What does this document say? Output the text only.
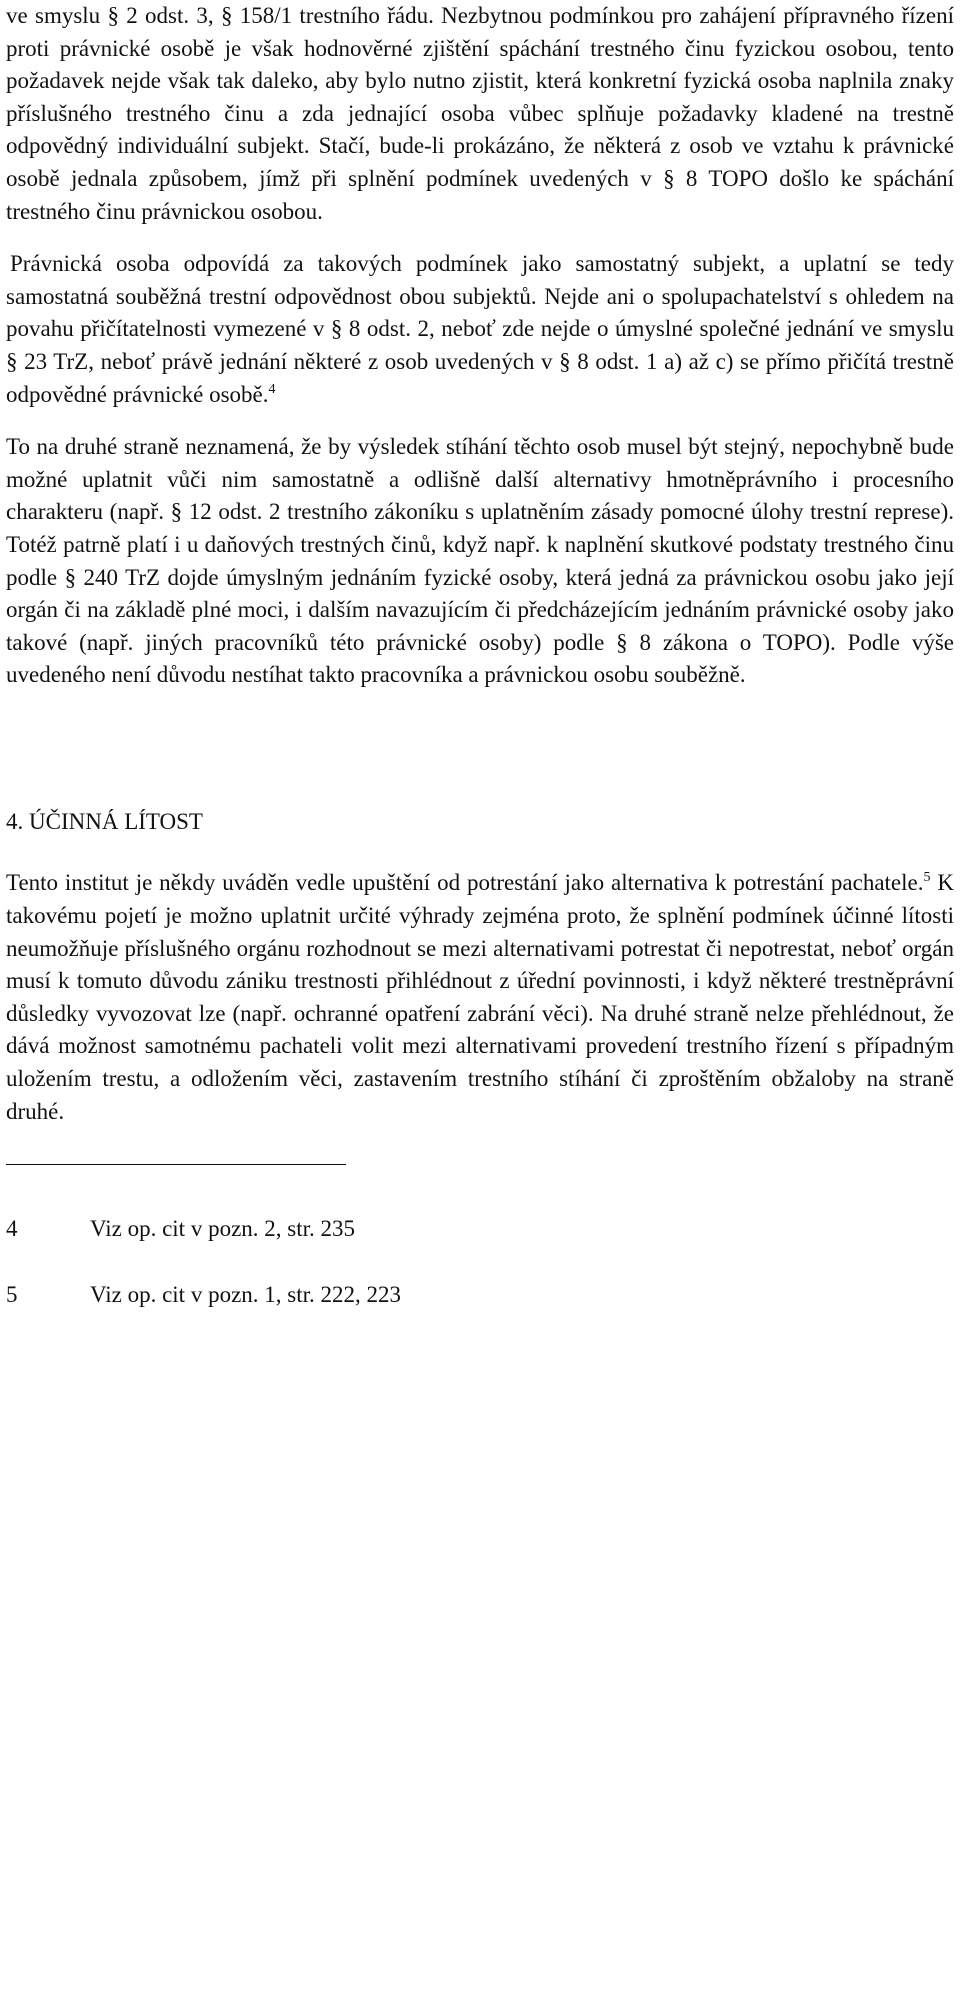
ve smyslu § 2 odst. 3, § 158/1 trestního řádu. Nezbytnou podmínkou pro zahájení přípravného řízení proti právnické osobě je však hodnověrné zjištění spáchání trestného činu fyzickou osobou, tento požadavek nejde však tak daleko, aby bylo nutno zjistit, která konkretní fyzická osoba naplnila znaky příslušného trestného činu a zda jednající osoba vůbec splňuje požadavky kladené na trestně odpovědný individuální subjekt. Stačí, bude-li prokázáno, že některá z osob ve vztahu k právnické osobě jednala způsobem, jímž při splnění podmínek uvedených v § 8 TOPO došlo ke spáchání trestného činu právnickou osobou.

Právnická osoba odpovídá za takových podmínek jako samostatný subjekt, a uplatní se tedy samostatná souběžná trestní odpovědnost obou subjektů. Nejde ani o spolupachatelství s ohledem na povahu přičítatelnosti vymezené v § 8 odst. 2, neboť zde nejde o úmyslné společné jednání ve smyslu § 23 TrZ, neboť právě jednání některé z osob uvedených v § 8 odst. 1 a) až c) se přímo přičítá trestně odpovědné právnické osobě.$^4$

To na druhé straně neznamená, že by výsledek stíhání těchto osob musel být stejný, nepochybně bude možné uplatnit vůči nim samostatně a odlišně další alternativy hmotněprávního i procesního charakteru (např. § 12 odst. 2 trestního zákoníku s uplatněním zásady pomocné úlohy trestní represe). Totéž patrně platí i u daňových trestných činů, když např. k naplnění skutkové podstaty trestného činu podle § 240 TrZ dojde úmyslným jednáním fyzické osoby, která jedná za právnickou osobu jako její orgán či na základě plné moci, i dalším navazujícím či předcházejícím jednáním právnické osoby jako takové (např. jiných pracovníků této právnické osoby) podle § 8 zákona o TOPO). Podle výše uvedeného není důvodu nestíhat takto pracovníka a právnickou osobu souběžně.

4. ÚČINNÁ LÍTOST

Tento institut je někdy uváděn vedle upuštění od potrestání jako alternativa k potrestání pachatele.$^5$ K takovému pojetí je možno uplatnit určité výhrady zejména proto, že splnění podmínek účinné lítosti neumožňuje příslušného orgánu rozhodnout se mezi alternativami potrestat či nepotrestat, neboť orgán musí k tomuto důvodu zániku trestnosti přihlédnout z úřední povinnosti, i když některé trestněprávní důsledky vyvozovat lze (např. ochranné opatření zabrání věci). Na druhé straně nelze přehlédnout, že dává možnost samotnému pachateli volit mezi alternativami provedení trestního řízení s případným uložením trestu, a odložením věci, zastavením trestního stíhání či zproštěním obžaloby na straně druhé.

4	Viz op. cit v pozn. 2, str. 235
5	Viz op. cit v pozn. 1, str. 222, 223
